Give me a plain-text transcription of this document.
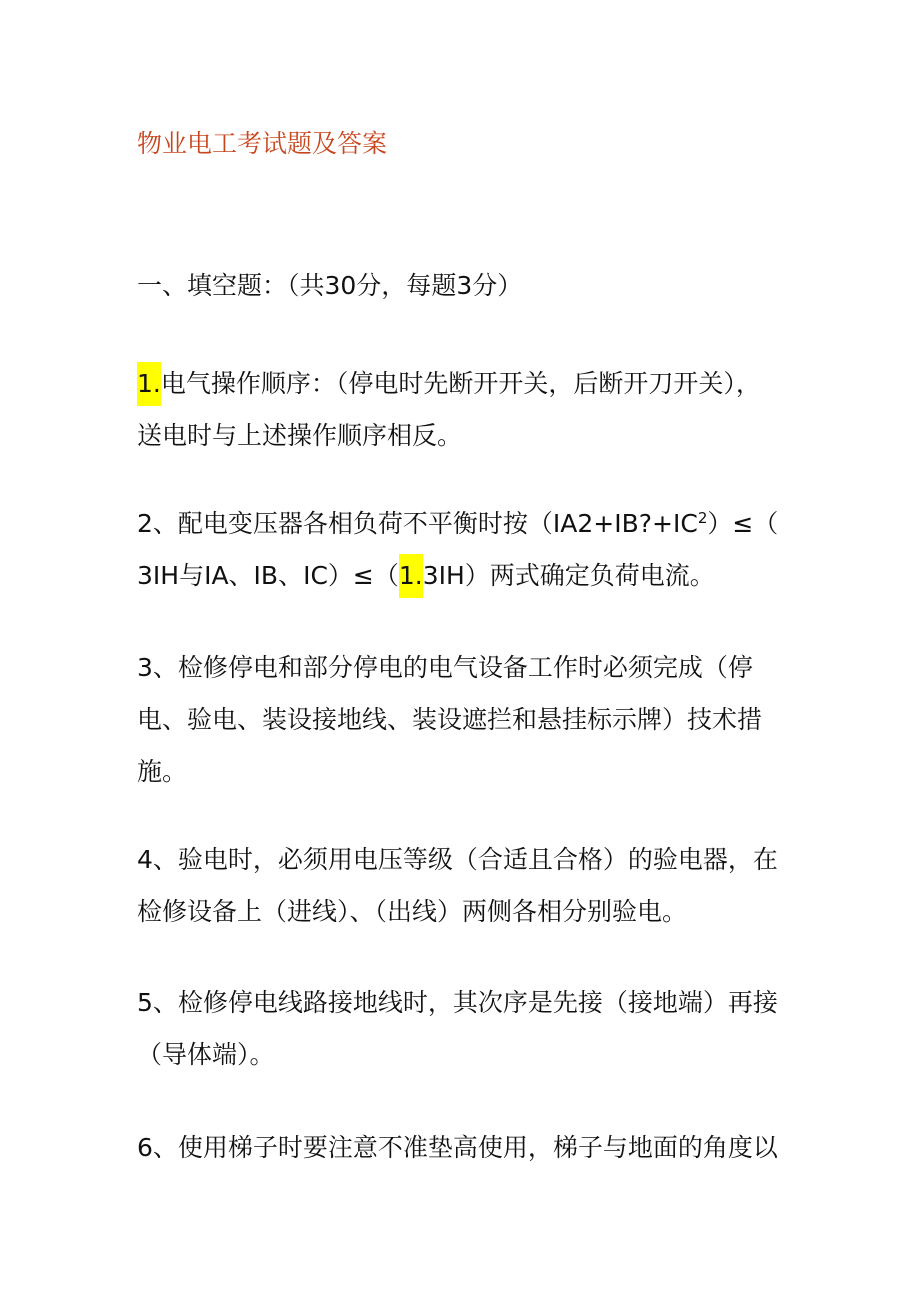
物业电工考试题及答案
一、填空题：（共30分，每题3分）
1.电气操作顺序：（停电时先断开开关，后断开刀开关），
送电时与上述操作顺序相反。
2、配电变压器各相负荷不平衡时按$(IA2+IB?+IC^2)\le$（
3IH与IA、IB、IC）≤（1.3IH）两式确定负荷电流。
3、检修停电和部分停电的电气设备工作时必须完成（停
电、验电、装设接地线、装设遮拦和悬挂标示牌）技术措
施。
4、验电时，必须用电压等级（合适且合格）的验电器，在
检修设备上（进线）、（出线）两侧各相分别验电。
5、检修停电线路接地线时，其次序是先接（接地端）再接
（导体端）。
6、使用梯子时要注意不准垫高使用，梯子与地面的角度以
